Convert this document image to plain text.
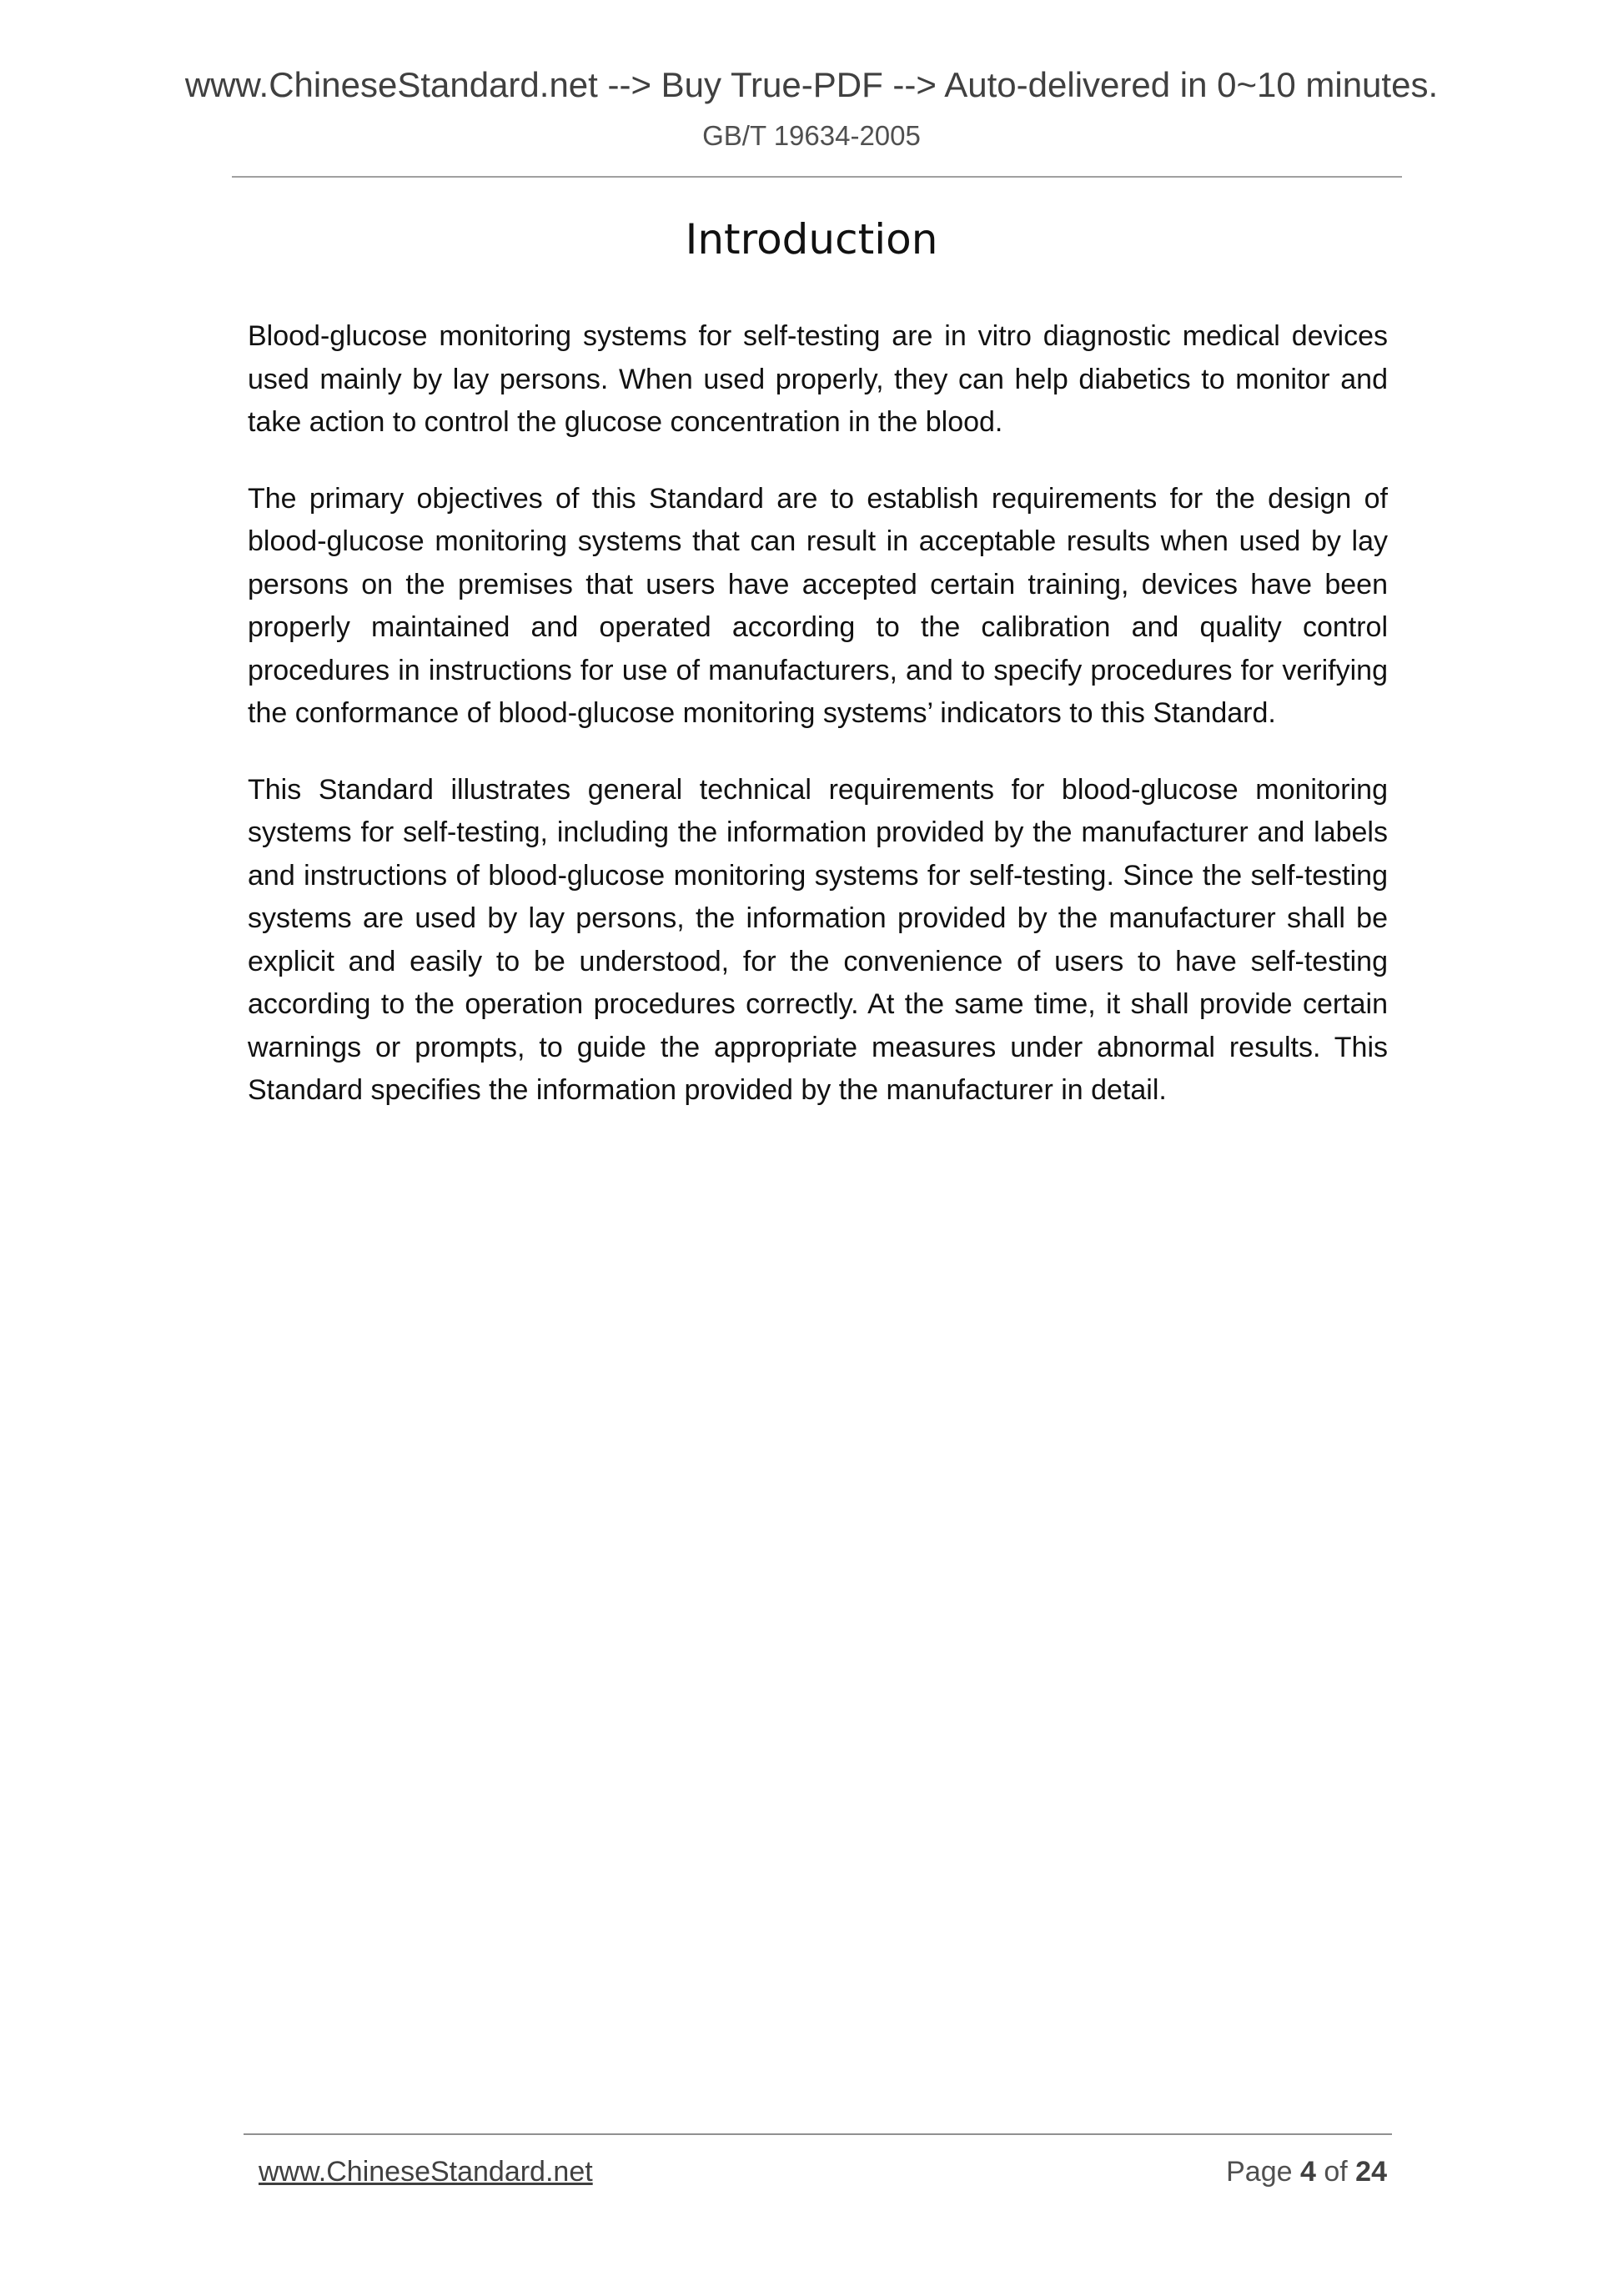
www.ChineseStandard.net --> Buy True-PDF --> Auto-delivered in 0~10 minutes.
GB/T 19634-2005
Introduction

Blood-glucose monitoring systems for self-testing are in vitro diagnostic medical devices used mainly by lay persons. When used properly, they can help diabetics to monitor and take action to control the glucose concentration in the blood.

The primary objectives of this Standard are to establish requirements for the design of blood-glucose monitoring systems that can result in acceptable results when used by lay persons on the premises that users have accepted certain training, devices have been properly maintained and operated according to the calibration and quality control procedures in instructions for use of manufacturers, and to specify procedures for verifying the conformance of blood-glucose monitoring systems’ indicators to this Standard.

This Standard illustrates general technical requirements for blood-glucose monitoring systems for self-testing, including the information provided by the manufacturer and labels and instructions of blood-glucose monitoring systems for self-testing. Since the self-testing systems are used by lay persons, the information provided by the manufacturer shall be explicit and easily to be understood, for the convenience of users to have self-testing according to the operation procedures correctly. At the same time, it shall provide certain warnings or prompts, to guide the appropriate measures under abnormal results. This Standard specifies the information provided by the manufacturer in detail.

www.ChineseStandard.net	Page 4 of 24
